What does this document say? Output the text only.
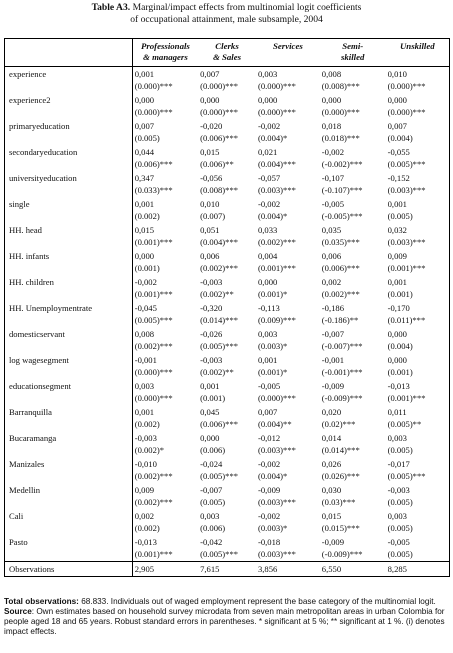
Table A3. Marginal/impact effects from multinomial logit coefficients
of occupational attainment, male subsample, 2004

	Professionals
& managers	Clerks
& Sales	Services	Semi-
skilled	Unskilled

experience	0,001	0,007	0,003	0,008	0,010
	(0.000)***	(0.000)***	(0.000)***	(0.008)***	(0.000)***
experience2	0,000	0,000	0,000	0,000	0,000
	(0.000)***	(0.000)***	(0.000)***	(0.000)***	(0.000)***
primaryeducation	0,007	-0,020	-0,002	0,018	0,007
	(0.005)	(0.006)***	(0.004)*	(0.018)***	(0.004)
secondaryeducation	0,044	0,015	0,021	-0,002	-0,055
	(0.006)***	(0.006)**	(0.004)***	(-0.002)***	(0.005)***
universityeducation	0,347	-0,056	-0,057	-0,107	-0,152
	(0.033)***	(0.008)***	(0.003)***	(-0.107)***	(0.003)***
single	0,001	0,010	-0,002	-0,005	0,001
	(0.002)	(0.007)	(0.004)*	(-0.005)***	(0.005)
HH. head	0,015	0,051	0,033	0,035	0,032
	(0.001)***	(0.004)***	(0.002)***	(0.035)***	(0.003)***
HH. infants	0,000	0,006	0,004	0,006	0,009
	(0.001)	(0.002)***	(0.001)***	(0.006)***	(0.001)***
HH. children	-0,002	-0,003	0,000	0,002	0,001
	(0.001)***	(0.002)**	(0.001)*	(0.002)***	(0.001)
HH. Unemploymentrate	-0,045	-0,320	-0,113	-0,186	-0,170
	(0.005)***	(0.014)***	(0.009)***	(-0.186)**	(0.011)***
domesticservant	0,008	-0,026	0,003	-0,007	0,000
	(0.002)***	(0.005)***	(0.003)*	(-0.007)***	(0.004)
log wagesegment	-0,001	-0,003	0,001	-0,001	0,000
	(0.000)***	(0.002)**	(0.001)*	(-0.001)***	(0.001)
educationsegment	0,003	0,001	-0,005	-0,009	-0,013
	(0.000)***	(0.001)	(0.000)***	(-0.009)***	(0.001)***
Barranquilla	0,001	0,045	0,007	0,020	0,011
	(0.002)	(0.006)***	(0.004)**	(0.02)***	(0.005)**
Bucaramanga	-0,003	0,000	-0,012	0,014	0,003
	(0.002)*	(0.006)	(0.003)***	(0.014)***	(0.005)
Manizales	-0,010	-0,024	-0,002	0,026	-0,017
	(0.002)***	(0.005)***	(0.004)*	(0.026)***	(0.005)***
Medellin	0,009	-0,007	-0,009	0,030	-0,003
	(0.002)***	(0.005)	(0.003)***	(0.03)***	(0.005)
Cali	0,002	0,003	-0,002	0,015	0,003
	(0.002)	(0.006)	(0.003)*	(0.015)***	(0.005)
Pasto	-0,013	-0,042	-0,018	-0,009	-0,005
	(0.001)***	(0.005)***	(0.003)***	(-0.009)***	(0.005)
Observations	2,905	7,615	3,856	6,550	8,285

Total observations: 68.833. Individuals out of waged employment represent the base category of the multinomial logit.

Source: Own estimates based on household survey microdata from seven main metropolitan areas in urban Colombia for people aged 18 and 65 years. Robust standard errors in parentheses. * significant at 5 %; ** significant at 1 %. (i) denotes impact effects.
